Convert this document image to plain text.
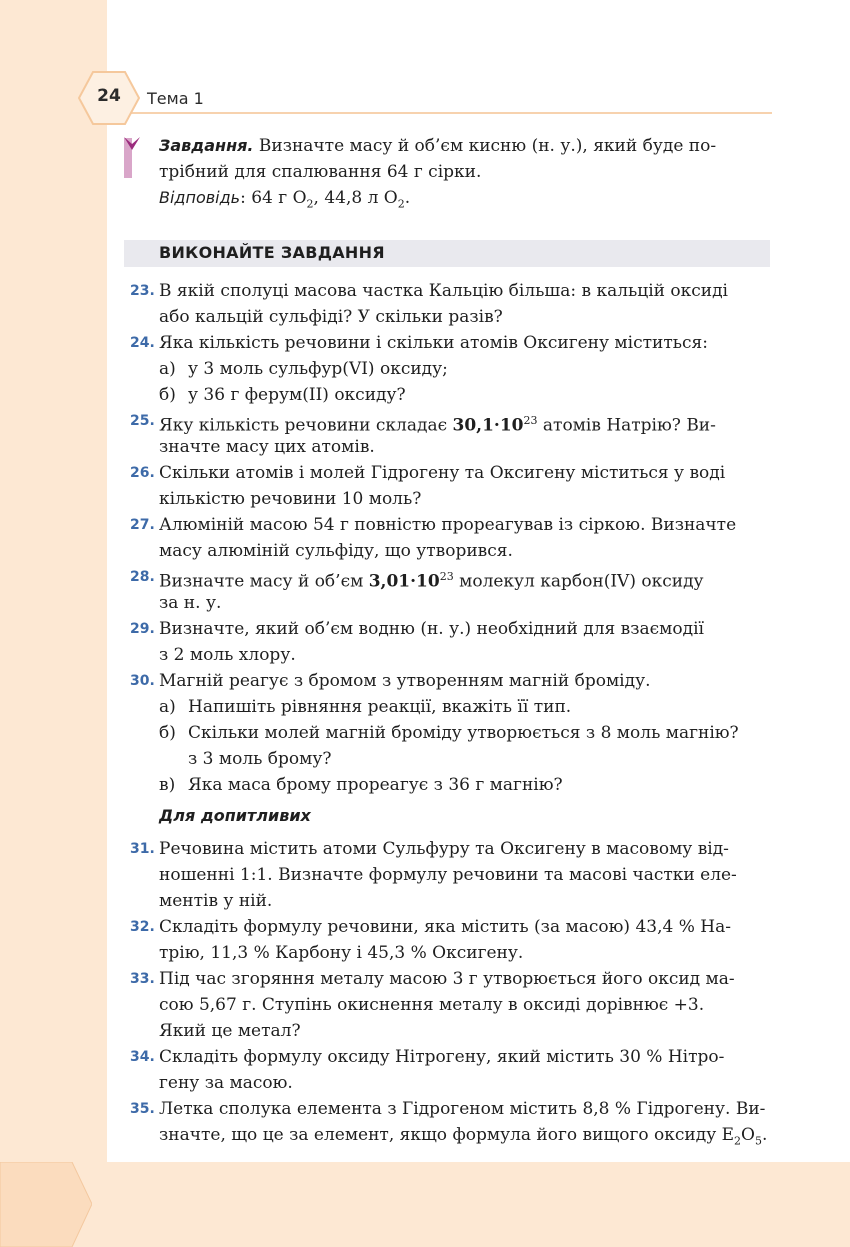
24	Тема 1
Завдання. Визначте масу й об’єм кисню (н. у.), який буде по-
трібний для спалювання 64 г сірки.
Відповідь: 64 г $O_2$, 44,8 л $O_2$.
ВИКОНАЙТЕ ЗАВДАННЯ
23. В якій сполуці масова частка Кальцію більша: в кальцій оксиді
або кальцій сульфіді? У скільки разів?
24. Яка кількість речовини і скільки атомів Оксигену міститься:
а) у 3 моль сульфур(VI) оксиду;
б) у 36 г ферум(II) оксиду?
25. Яку кількість речовини складає $30,1\cdot 10^{23}$ атомів Натрію? Ви-
значте масу цих атомів.
26. Скільки атомів і молей Гідрогену та Оксигену міститься у воді
кількістю речовини 10 моль?
27. Алюміній масою 54 г повністю прореагував із сіркою. Визначте
масу алюміній сульфіду, що утворився.
28. Визначте масу й об’єм $3,01\cdot 10^{23}$ молекул карбон(IV) оксиду
за н. у.
29. Визначте, який об’єм водню (н. у.) необхідний для взаємодії
з 2 моль хлору.
30. Магній реагує з бромом з утворенням магній броміду.
а) Напишіть рівняння реакції, вкажіть її тип.
б) Скільки молей магній броміду утворюється з 8 моль магнію?
з 3 моль брому?
в) Яка маса брому прореагує з 36 г магнію?
Для допитливих
31. Речовина містить атоми Сульфуру та Оксигену в масовому від-
ношенні 1:1. Визначте формулу речовини та масові частки еле-
ментів у ній.
32. Складіть формулу речовини, яка містить (за масою) 43,4 % На-
трію, 11,3 % Карбону і 45,3 % Оксигену.
33. Під час згоряння металу масою 3 г утворюється його оксид ма-
сою 5,67 г. Ступінь окиснення металу в оксиді дорівнює +3.
Який це метал?
34. Складіть формулу оксиду Нітрогену, який містить 30 % Нітро-
гену за масою.
35. Летка сполука елемента з Гідрогеном містить 8,8 % Гідрогену. Ви-
значте, що це за елемент, якщо формула його вищого оксиду $E_2O_5$.
